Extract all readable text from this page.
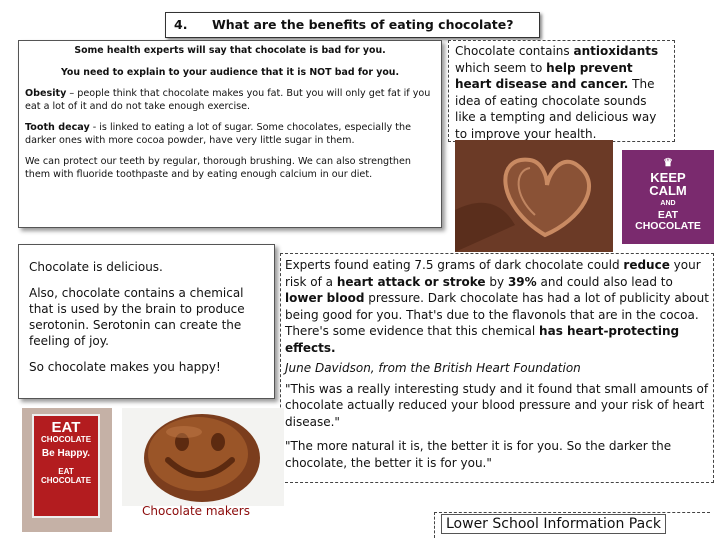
4. What are the benefits of eating chocolate?

Some health experts will say that chocolate is bad for you.

You need to explain to your audience that it is NOT bad for you.

Obesity – people think that chocolate makes you fat. But you will only get fat if you eat a lot of it and do not take enough exercise.

Tooth decay - is linked to eating a lot of sugar. Some chocolates, especially the darker ones with more cocoa powder, have very little sugar in them.

We can protect our teeth by regular, thorough brushing. We can also strengthen them with fluoride toothpaste and by eating enough calcium in our diet.

Chocolate contains antioxidants which seem to help prevent heart disease and cancer. The idea of eating chocolate sounds like a tempting and delicious way to improve your health.
♛
KEEP
CALM
AND
EAT
CHOCOLATE

Chocolate is delicious.

Also, chocolate contains a chemical that is used by the brain to produce serotonin. Serotonin can create the feeling of joy.

So chocolate makes you happy!

Experts found eating 7.5 grams of dark chocolate could reduce your risk of a heart attack or stroke by 39% and could also lead to lower blood pressure. Dark chocolate has had a lot of publicity about being good for you. That's due to the flavonols that are in the cocoa. There's some evidence that this chemical has heart-protecting effects.

June Davidson, from the British Heart Foundation

"This was a really interesting study and it found that small amounts of chocolate actually reduced your blood pressure and your risk of heart disease."

"The more natural it is, the better it is for you. So the darker the chocolate, the better it is for you."

EAT
CHOCOLATE
Be Happy.
EAT
CHOCOLATE
Chocolate makers
Lower School Information Pack
